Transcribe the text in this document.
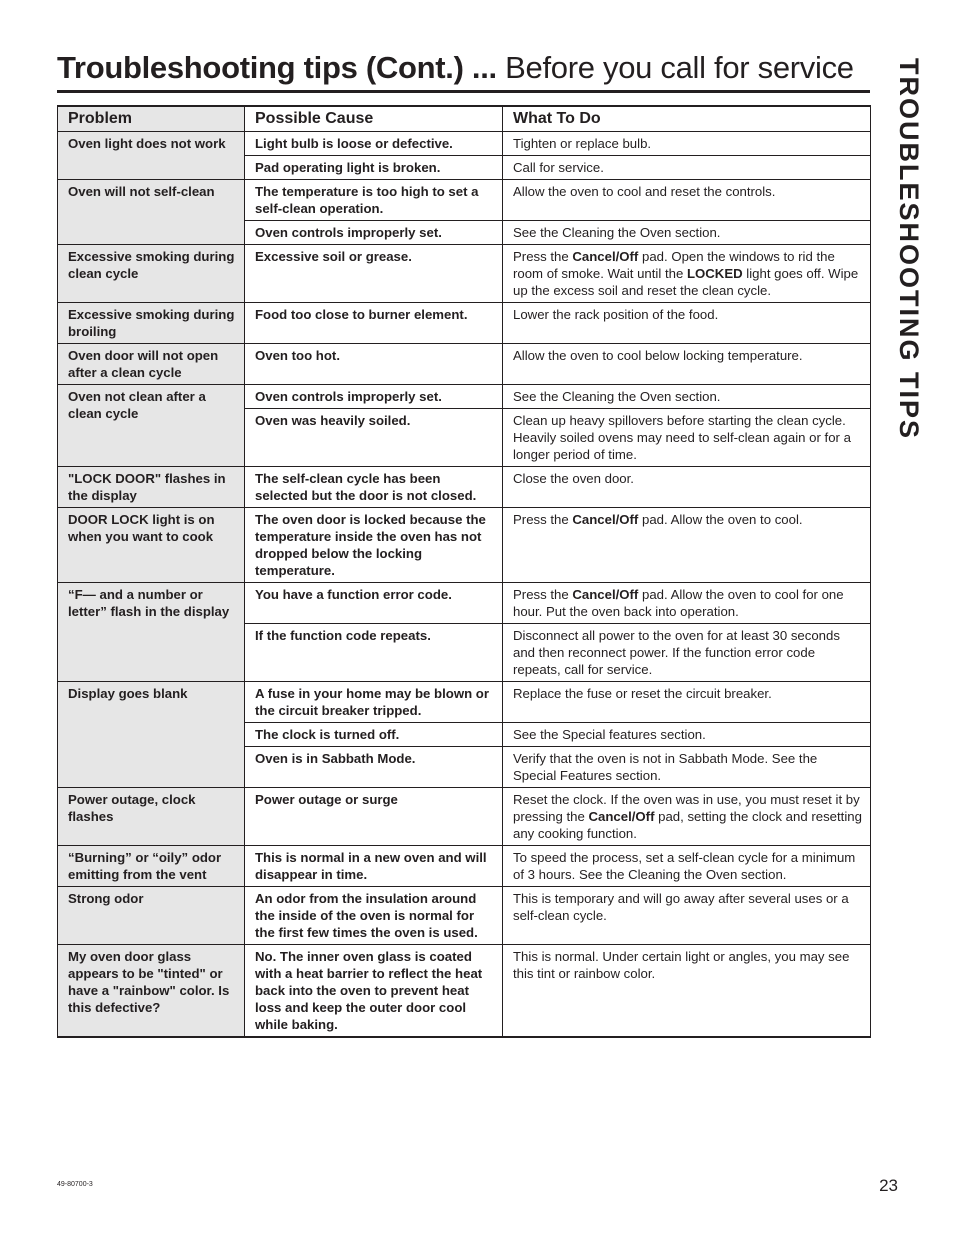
Troubleshooting tips (Cont.) ... Before you call for service TROUBLESHOOTING TIPS
Problem	Possible Cause	What To Do
Oven light does not work	Light bulb is loose or defective.	Tighten or replace bulb.
	Pad operating light is broken.	Call for service.
Oven will not self-clean	The temperature is too high to set a self-clean operation.	Allow the oven to cool and reset the controls.
	Oven controls improperly set.	See the Cleaning the Oven section.
Excessive smoking during clean cycle	Excessive soil or grease.	Press the Cancel/Off pad. Open the windows to rid the room of smoke. Wait until the LOCKED light goes off. Wipe up the excess soil and reset the clean cycle.
Excessive smoking during broiling	Food too close to burner element.	Lower the rack position of the food.
Oven door will not open after a clean cycle	Oven too hot.	Allow the oven to cool below locking temperature.
Oven not clean after a clean cycle	Oven controls improperly set.	See the Cleaning the Oven section.
	Oven was heavily soiled.	Clean up heavy spillovers before starting the clean cycle. Heavily soiled ovens may need to self-clean again or for a longer period of time.
"LOCK DOOR" flashes in the display	The self-clean cycle has been selected but the door is not closed.	Close the oven door.
DOOR LOCK light is on when you want to cook	The oven door is locked because the temperature inside the oven has not dropped below the locking temperature.	Press the Cancel/Off pad. Allow the oven to cool.
“F— and a number or letter” flash in the display	You have a function error code.	Press the Cancel/Off pad. Allow the oven to cool for one hour. Put the oven back into operation.
	If the function code repeats.	Disconnect all power to the oven for at least 30 seconds and then reconnect power. If the function error code repeats, call for service.
Display goes blank	A fuse in your home may be blown or the circuit breaker tripped.	Replace the fuse or reset the circuit breaker.
	The clock is turned off.	See the Special features section.
	Oven is in Sabbath Mode.	Verify that the oven is not in Sabbath Mode. See the Special Features section.
Power outage, clock flashes	Power outage or surge	Reset the clock. If the oven was in use, you must reset it by pressing the Cancel/Off pad, setting the clock and resetting any cooking function.
“Burning” or “oily” odor emitting from the vent	This is normal in a new oven and will disappear in time.	To speed the process, set a self-clean cycle for a minimum of 3 hours. See the Cleaning the Oven section.
Strong odor	An odor from the insulation around the inside of the oven is normal for the first few times the oven is used.	This is temporary and will go away after several uses or a self-clean cycle.
My oven door glass appears to be "tinted" or have a "rainbow" color. Is this defective?	No. The inner oven glass is coated with a heat barrier to reflect the heat back into the oven to prevent heat loss and keep the outer door cool while baking.	This is normal. Under certain light or angles, you may see this tint or rainbow color.
49-80700-3	23
